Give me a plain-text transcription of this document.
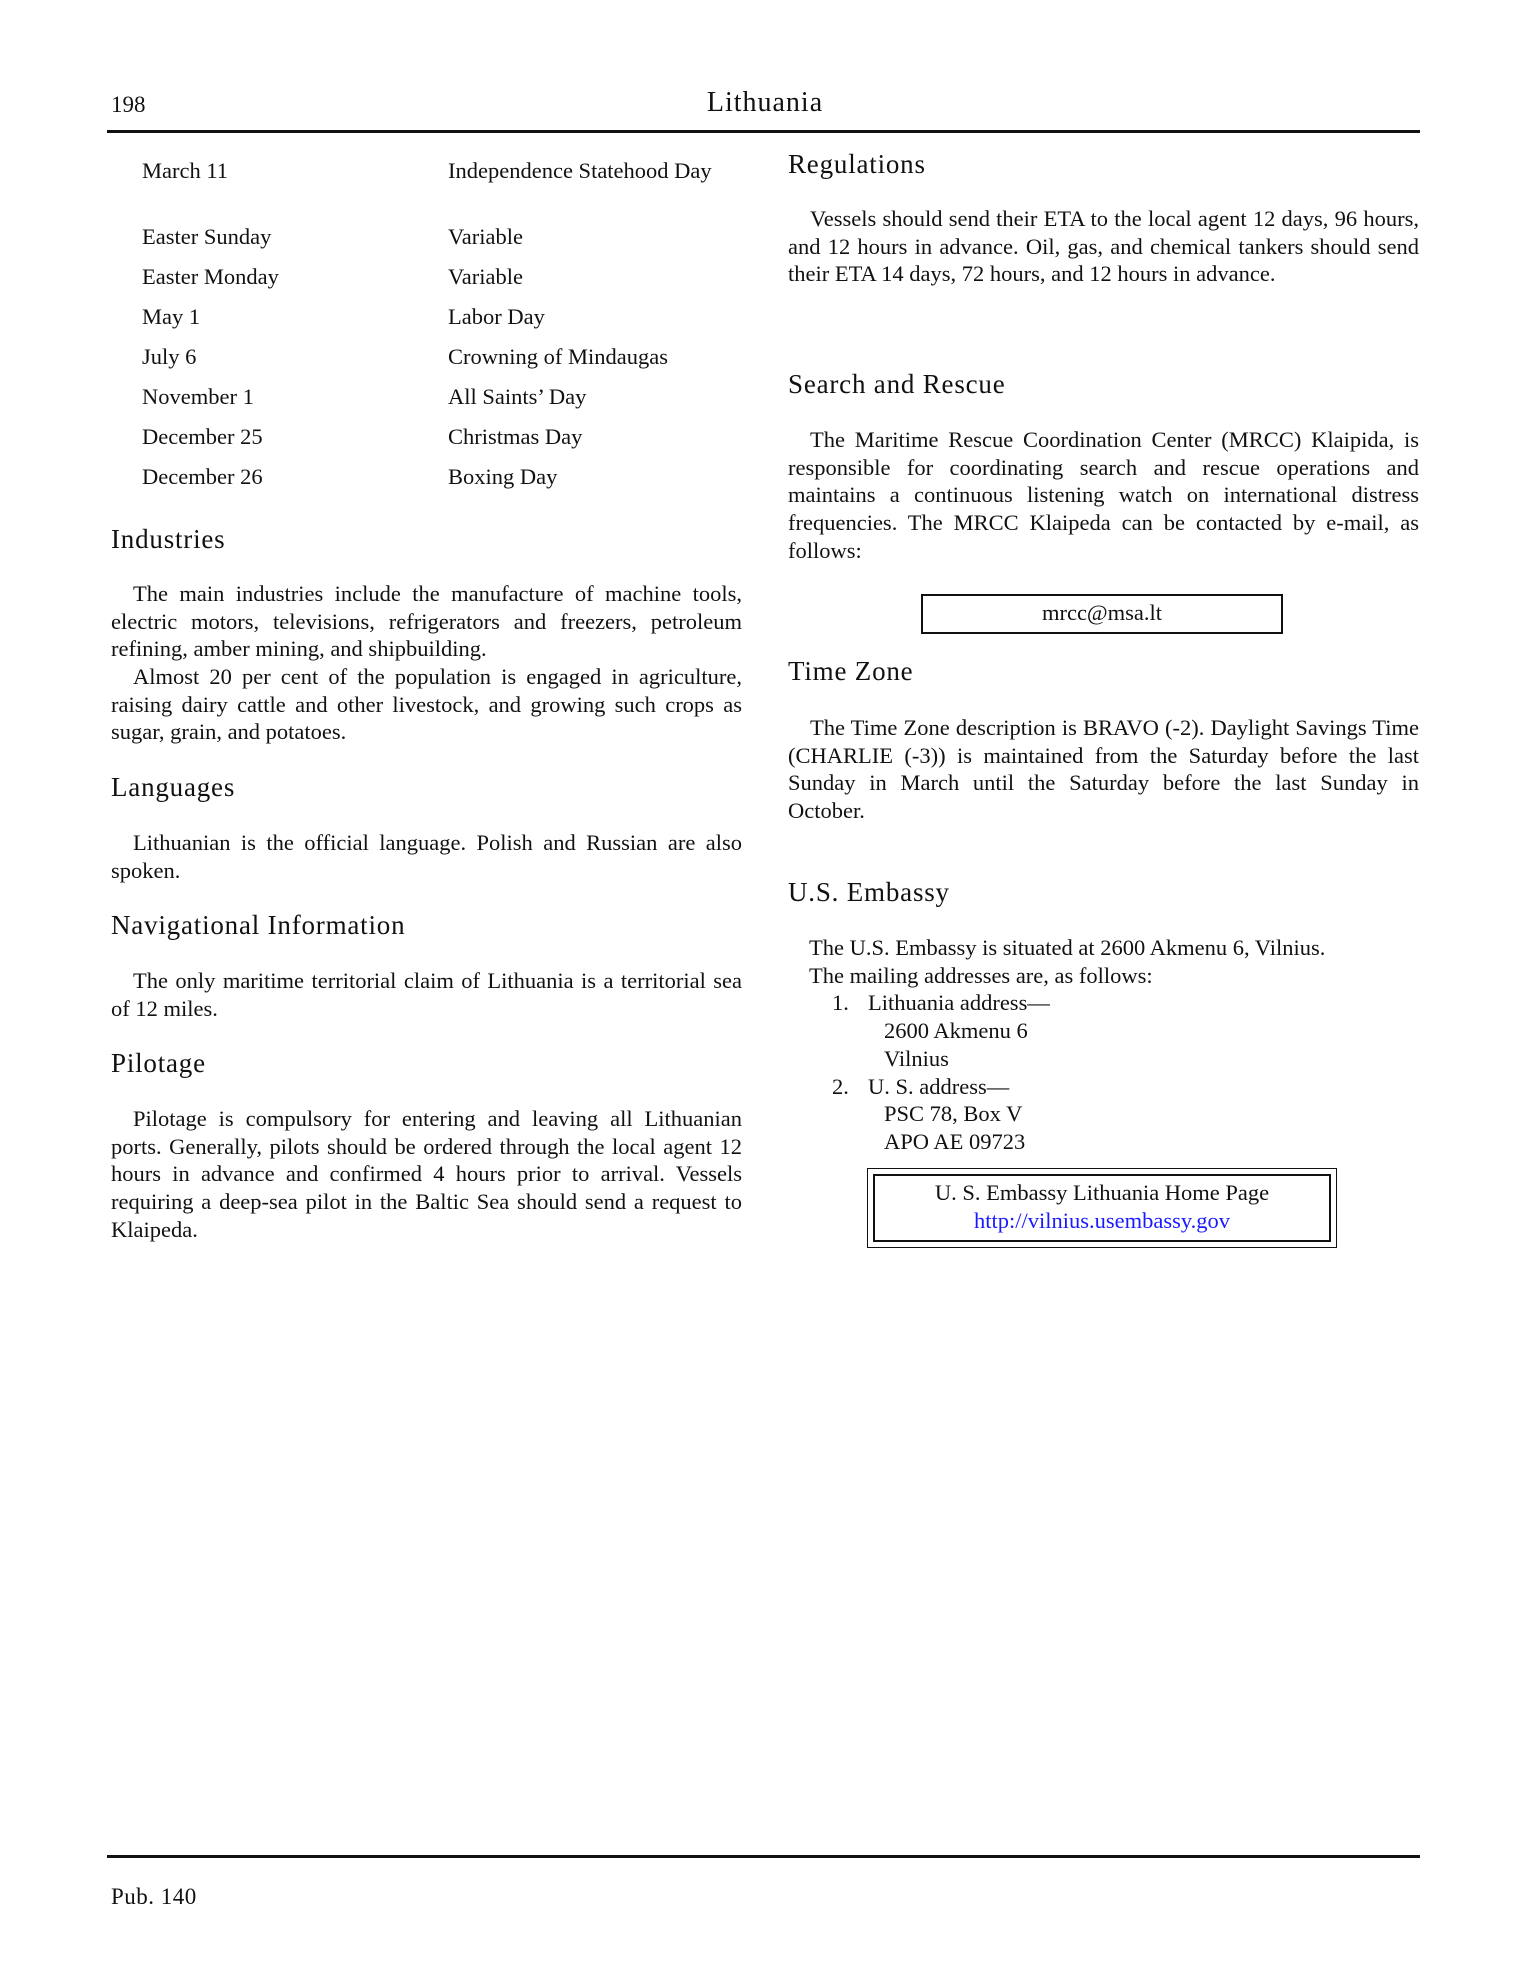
198	Lithuania
March 11	Independence Statehood Day
Easter Sunday	Variable
Easter Monday	Variable
May 1	Labor Day
July 6	Crowning of Mindaugas
November 1	All Saints’ Day
December 25	Christmas Day
December 26	Boxing Day
Industries
The main industries include the manufacture of machine tools, electric motors, televisions, refrigerators and freezers, petroleum refining, amber mining, and shipbuilding.
Almost 20 per cent of the population is engaged in agriculture, raising dairy cattle and other livestock, and growing such crops as sugar, grain, and potatoes.
Languages
Lithuanian is the official language. Polish and Russian are also spoken.
Navigational Information
The only maritime territorial claim of Lithuania is a territorial sea of 12 miles.
Pilotage
Pilotage is compulsory for entering and leaving all Lithuanian ports. Generally, pilots should be ordered through the local agent 12 hours in advance and confirmed 4 hours prior to arrival. Vessels requiring a deep-sea pilot in the Baltic Sea should send a request to Klaipeda.
Regulations
Vessels should send their ETA to the local agent 12 days, 96 hours, and 12 hours in advance. Oil, gas, and chemical tankers should send their ETA 14 days, 72 hours, and 12 hours in advance.
Search and Rescue
The Maritime Rescue Coordination Center (MRCC) Klaipida, is responsible for coordinating search and rescue operations and maintains a continuous listening watch on international distress frequencies. The MRCC Klaipeda can be contacted by e-mail, as follows:
mrcc@msa.lt
Time Zone
The Time Zone description is BRAVO (-2). Daylight Savings Time (CHARLIE (-3)) is maintained from the Saturday before the last Sunday in March until the Saturday before the last Sunday in October.
U.S. Embassy
The U.S. Embassy is situated at 2600 Akmenu 6, Vilnius.
The mailing addresses are, as follows:
1. Lithuania address—
2600 Akmenu 6
Vilnius
2. U. S. address—
PSC 78, Box V
APO AE 09723
U. S. Embassy Lithuania Home Page
http://vilnius.usembassy.gov
Pub. 140
